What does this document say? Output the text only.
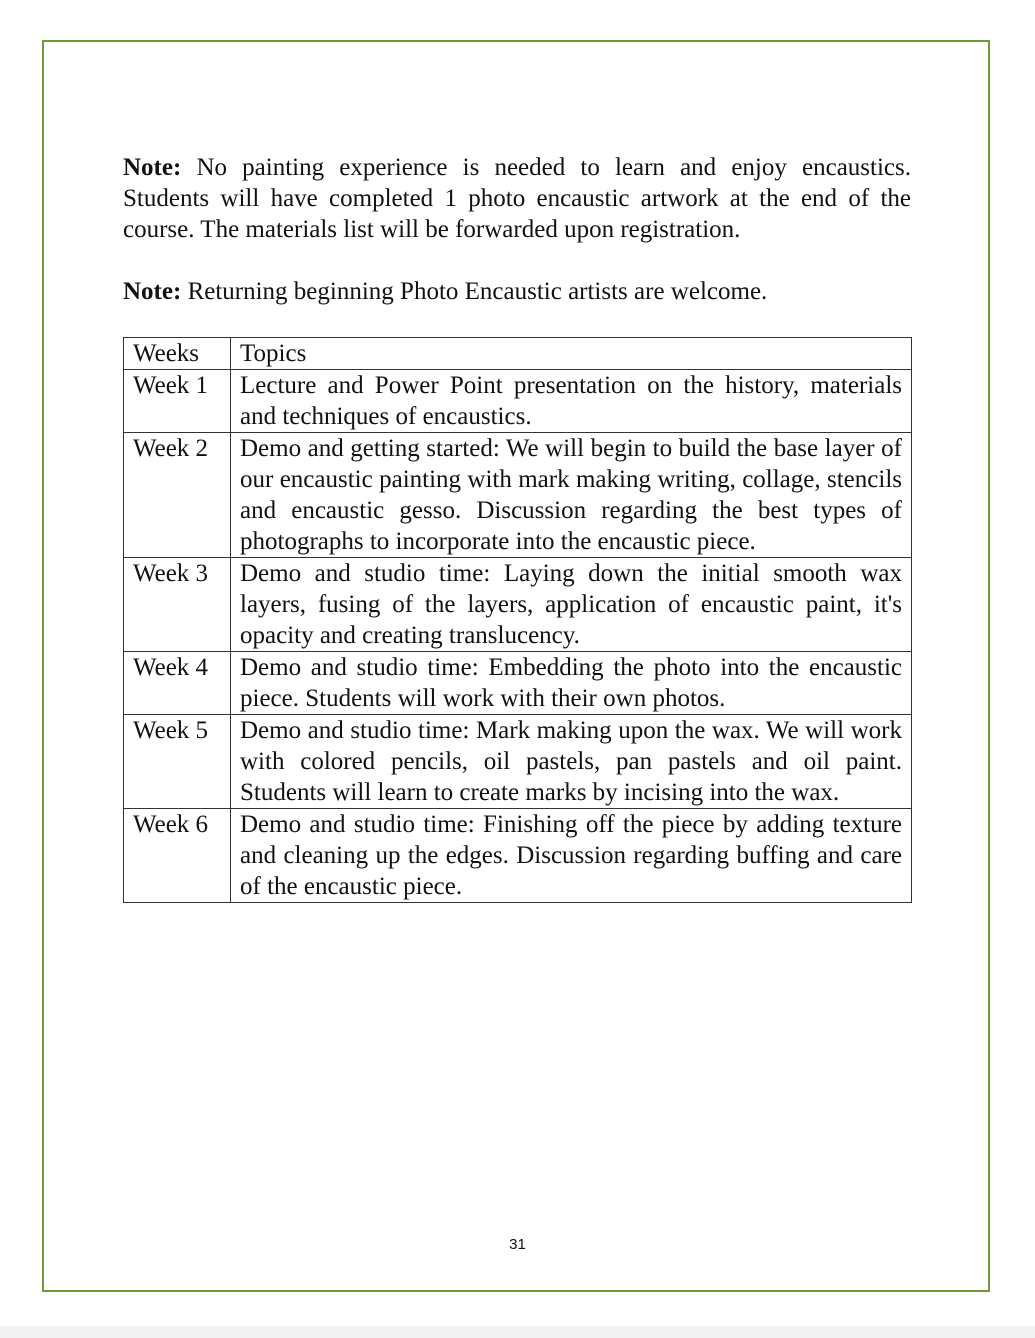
Note: No painting experience is needed to learn and enjoy encaustics. Students will have completed 1 photo encaustic artwork at the end of the course. The materials list will be forwarded upon registration.

Note: Returning beginning Photo Encaustic artists are welcome.

Weeks	Topics
Week 1	Lecture and Power Point presentation on the history, materials and techniques of encaustics.
Week 2	Demo and getting started: We will begin to build the base layer of our encaustic painting with mark making writing, collage, stencils and encaustic gesso. Discussion regarding the best types of photographs to incorporate into the encaustic piece.
Week 3	Demo and studio time: Laying down the initial smooth wax layers, fusing of the layers, application of encaustic paint, it's opacity and creating translucency.
Week 4	Demo and studio time: Embedding the photo into the encaustic piece. Students will work with their own photos.
Week 5	Demo and studio time: Mark making upon the wax. We will work with colored pencils, oil pastels, pan pastels and oil paint. Students will learn to create marks by incising into the wax.
Week 6	Demo and studio time: Finishing off the piece by adding texture and cleaning up the edges. Discussion regarding buffing and care of the encaustic piece.
31
